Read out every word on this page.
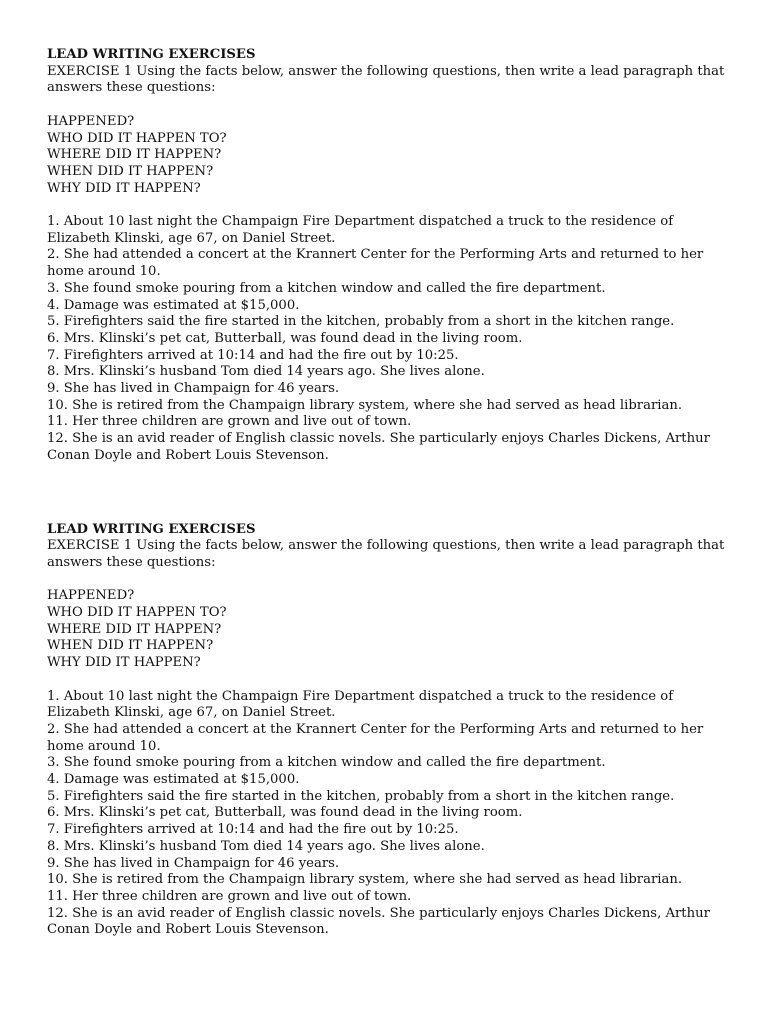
LEAD WRITING EXERCISES
EXERCISE 1 Using the facts below, answer the following questions, then write a lead paragraph that answers these questions:
HAPPENED?
WHO DID IT HAPPEN TO?
WHERE DID IT HAPPEN?
WHEN DID IT HAPPEN?
WHY DID IT HAPPEN?
1. About 10 last night the Champaign Fire Department dispatched a truck to the residence of Elizabeth Klinski, age 67, on Daniel Street.
2. She had attended a concert at the Krannert Center for the Performing Arts and returned to her home around 10.
3. She found smoke pouring from a kitchen window and called the fire department.
4. Damage was estimated at $15,000.
5. Firefighters said the fire started in the kitchen, probably from a short in the kitchen range.
6. Mrs. Klinski’s pet cat, Butterball, was found dead in the living room.
7. Firefighters arrived at 10:14 and had the fire out by 10:25.
8. Mrs. Klinski’s husband Tom died 14 years ago. She lives alone.
9. She has lived in Champaign for 46 years.
10. She is retired from the Champaign library system, where she had served as head librarian.
11. Her three children are grown and live out of town.
12. She is an avid reader of English classic novels. She particularly enjoys Charles Dickens, Arthur Conan Doyle and Robert Louis Stevenson.
LEAD WRITING EXERCISES
EXERCISE 1 Using the facts below, answer the following questions, then write a lead paragraph that answers these questions:
HAPPENED?
WHO DID IT HAPPEN TO?
WHERE DID IT HAPPEN?
WHEN DID IT HAPPEN?
WHY DID IT HAPPEN?
1. About 10 last night the Champaign Fire Department dispatched a truck to the residence of Elizabeth Klinski, age 67, on Daniel Street.
2. She had attended a concert at the Krannert Center for the Performing Arts and returned to her home around 10.
3. She found smoke pouring from a kitchen window and called the fire department.
4. Damage was estimated at $15,000.
5. Firefighters said the fire started in the kitchen, probably from a short in the kitchen range.
6. Mrs. Klinski’s pet cat, Butterball, was found dead in the living room.
7. Firefighters arrived at 10:14 and had the fire out by 10:25.
8. Mrs. Klinski’s husband Tom died 14 years ago. She lives alone.
9. She has lived in Champaign for 46 years.
10. She is retired from the Champaign library system, where she had served as head librarian.
11. Her three children are grown and live out of town.
12. She is an avid reader of English classic novels. She particularly enjoys Charles Dickens, Arthur Conan Doyle and Robert Louis Stevenson.
